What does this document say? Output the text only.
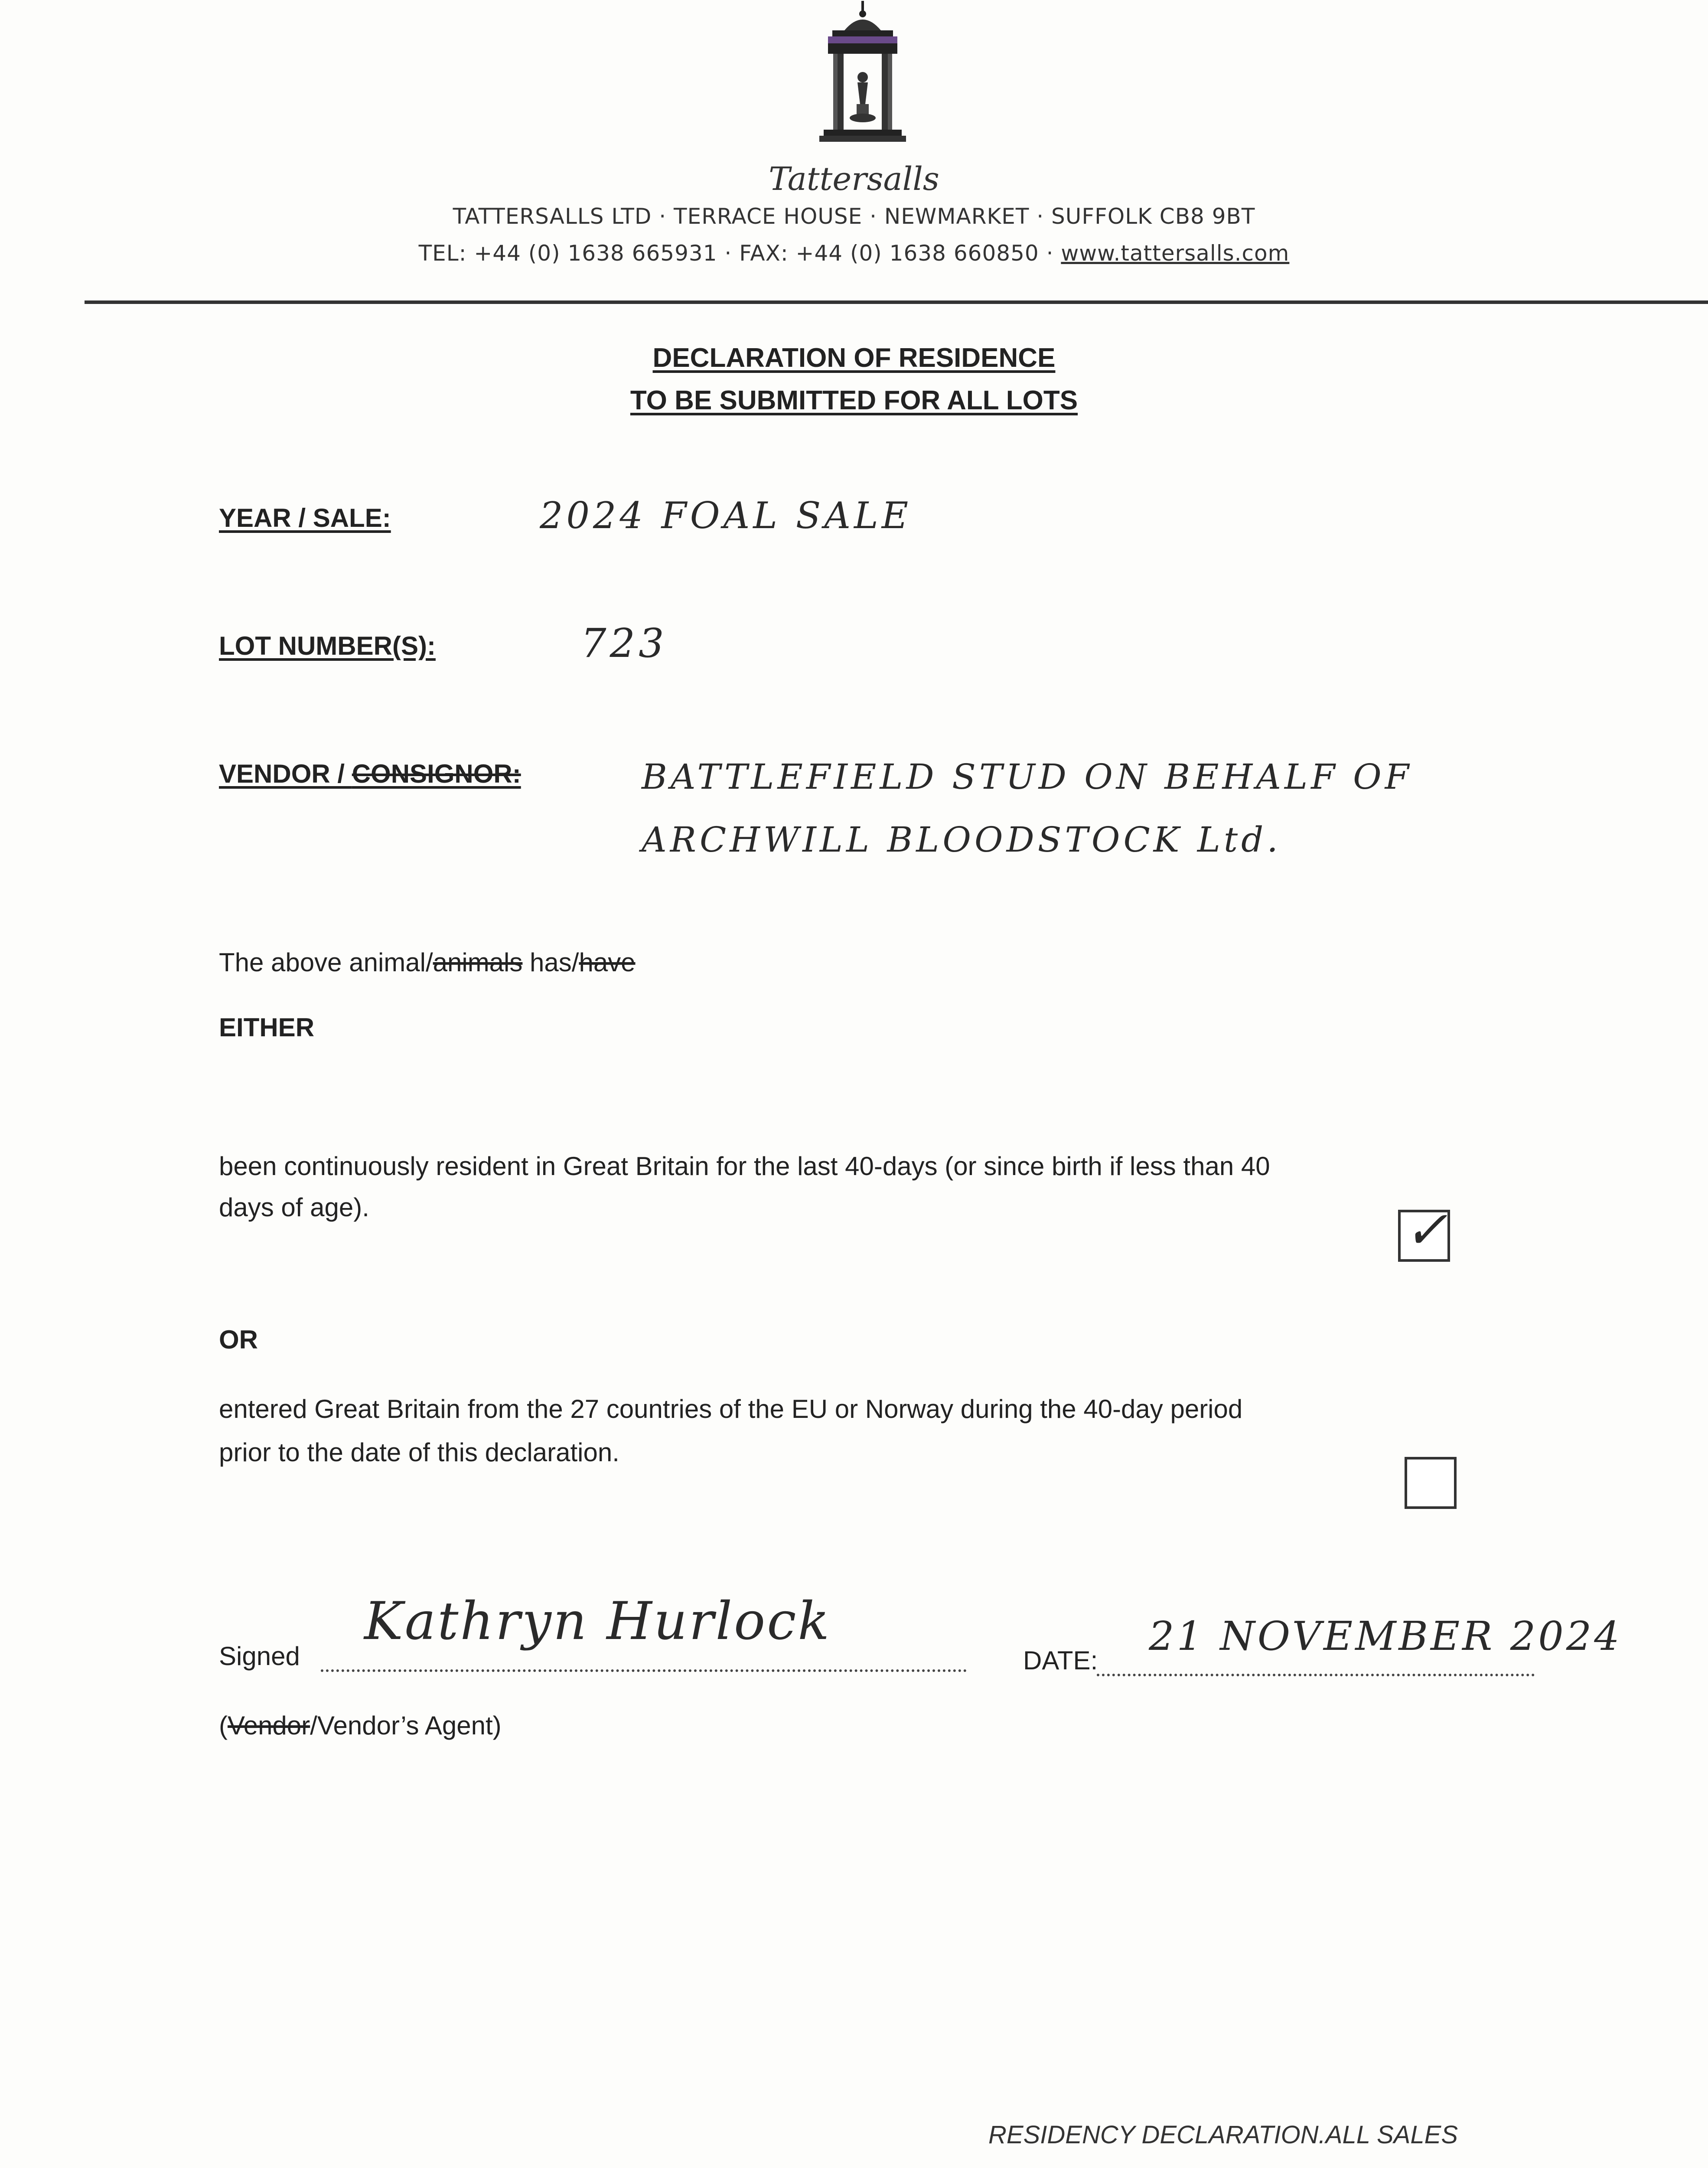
Tattersalls
TATTERSALLS LTD · TERRACE HOUSE · NEWMARKET · SUFFOLK CB8 9BT
TEL: +44 (0) 1638 665931 · FAX: +44 (0) 1638 660850 · www.tattersalls.com
DECLARATION OF RESIDENCE
TO BE SUBMITTED FOR ALL LOTS
YEAR / SALE:	2024 FOAL SALE
LOT NUMBER(S):	723
VENDOR / CONSIGNOR:	BATTLEFIELD STUD ON BEHALF OF
ARCHWILL BLOODSTOCK Ltd.
The above animal/animals has/have
EITHER
been continuously resident in Great Britain for the last 40-days (or since birth if less than 40
days of age).	✓
OR
entered Great Britain from the 27 countries of the EU or Norway during the 40-day period
prior to the date of this declaration.
Signed
Kathryn Hurlock
DATE:
21 NOVEMBER 2024
(Vendor/Vendor’s Agent)
RESIDENCY DECLARATION.ALL SALES
